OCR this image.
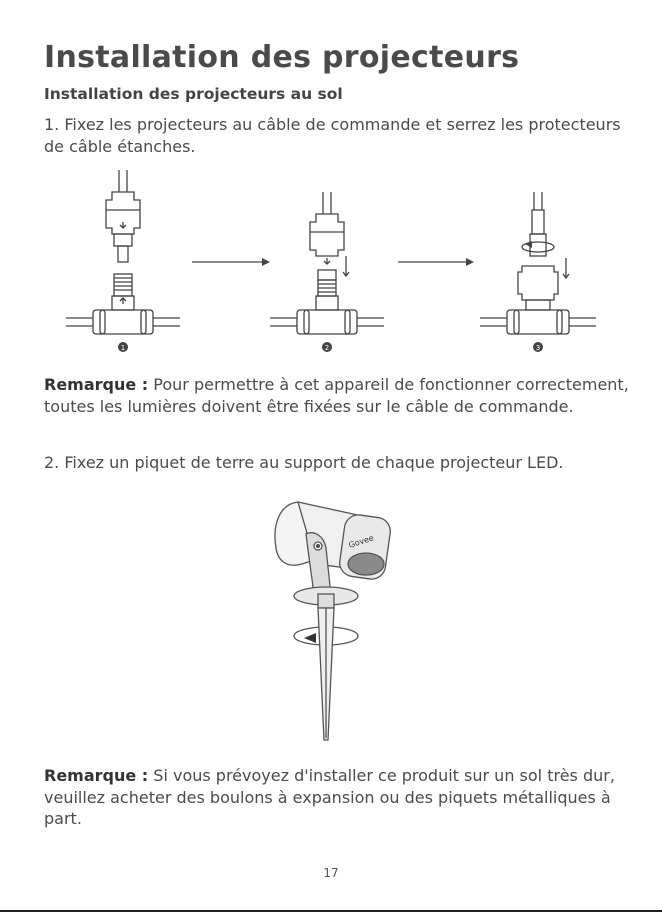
Installation des projecteurs
Installation des projecteurs au sol

1. Fixez les projecteurs au câble de commande et serrez les protecteurs de câble étanches.

1	2	3

Remarque : Pour permettre à cet appareil de fonctionner correctement, toutes les lumières doivent être fixées sur le câble de commande.

2. Fixez un piquet de terre au support de chaque projecteur LED.

Govee

Remarque : Si vous prévoyez d'installer ce produit sur un sol très dur, veuillez acheter des boulons à expansion ou des piquets métalliques à part.

17
